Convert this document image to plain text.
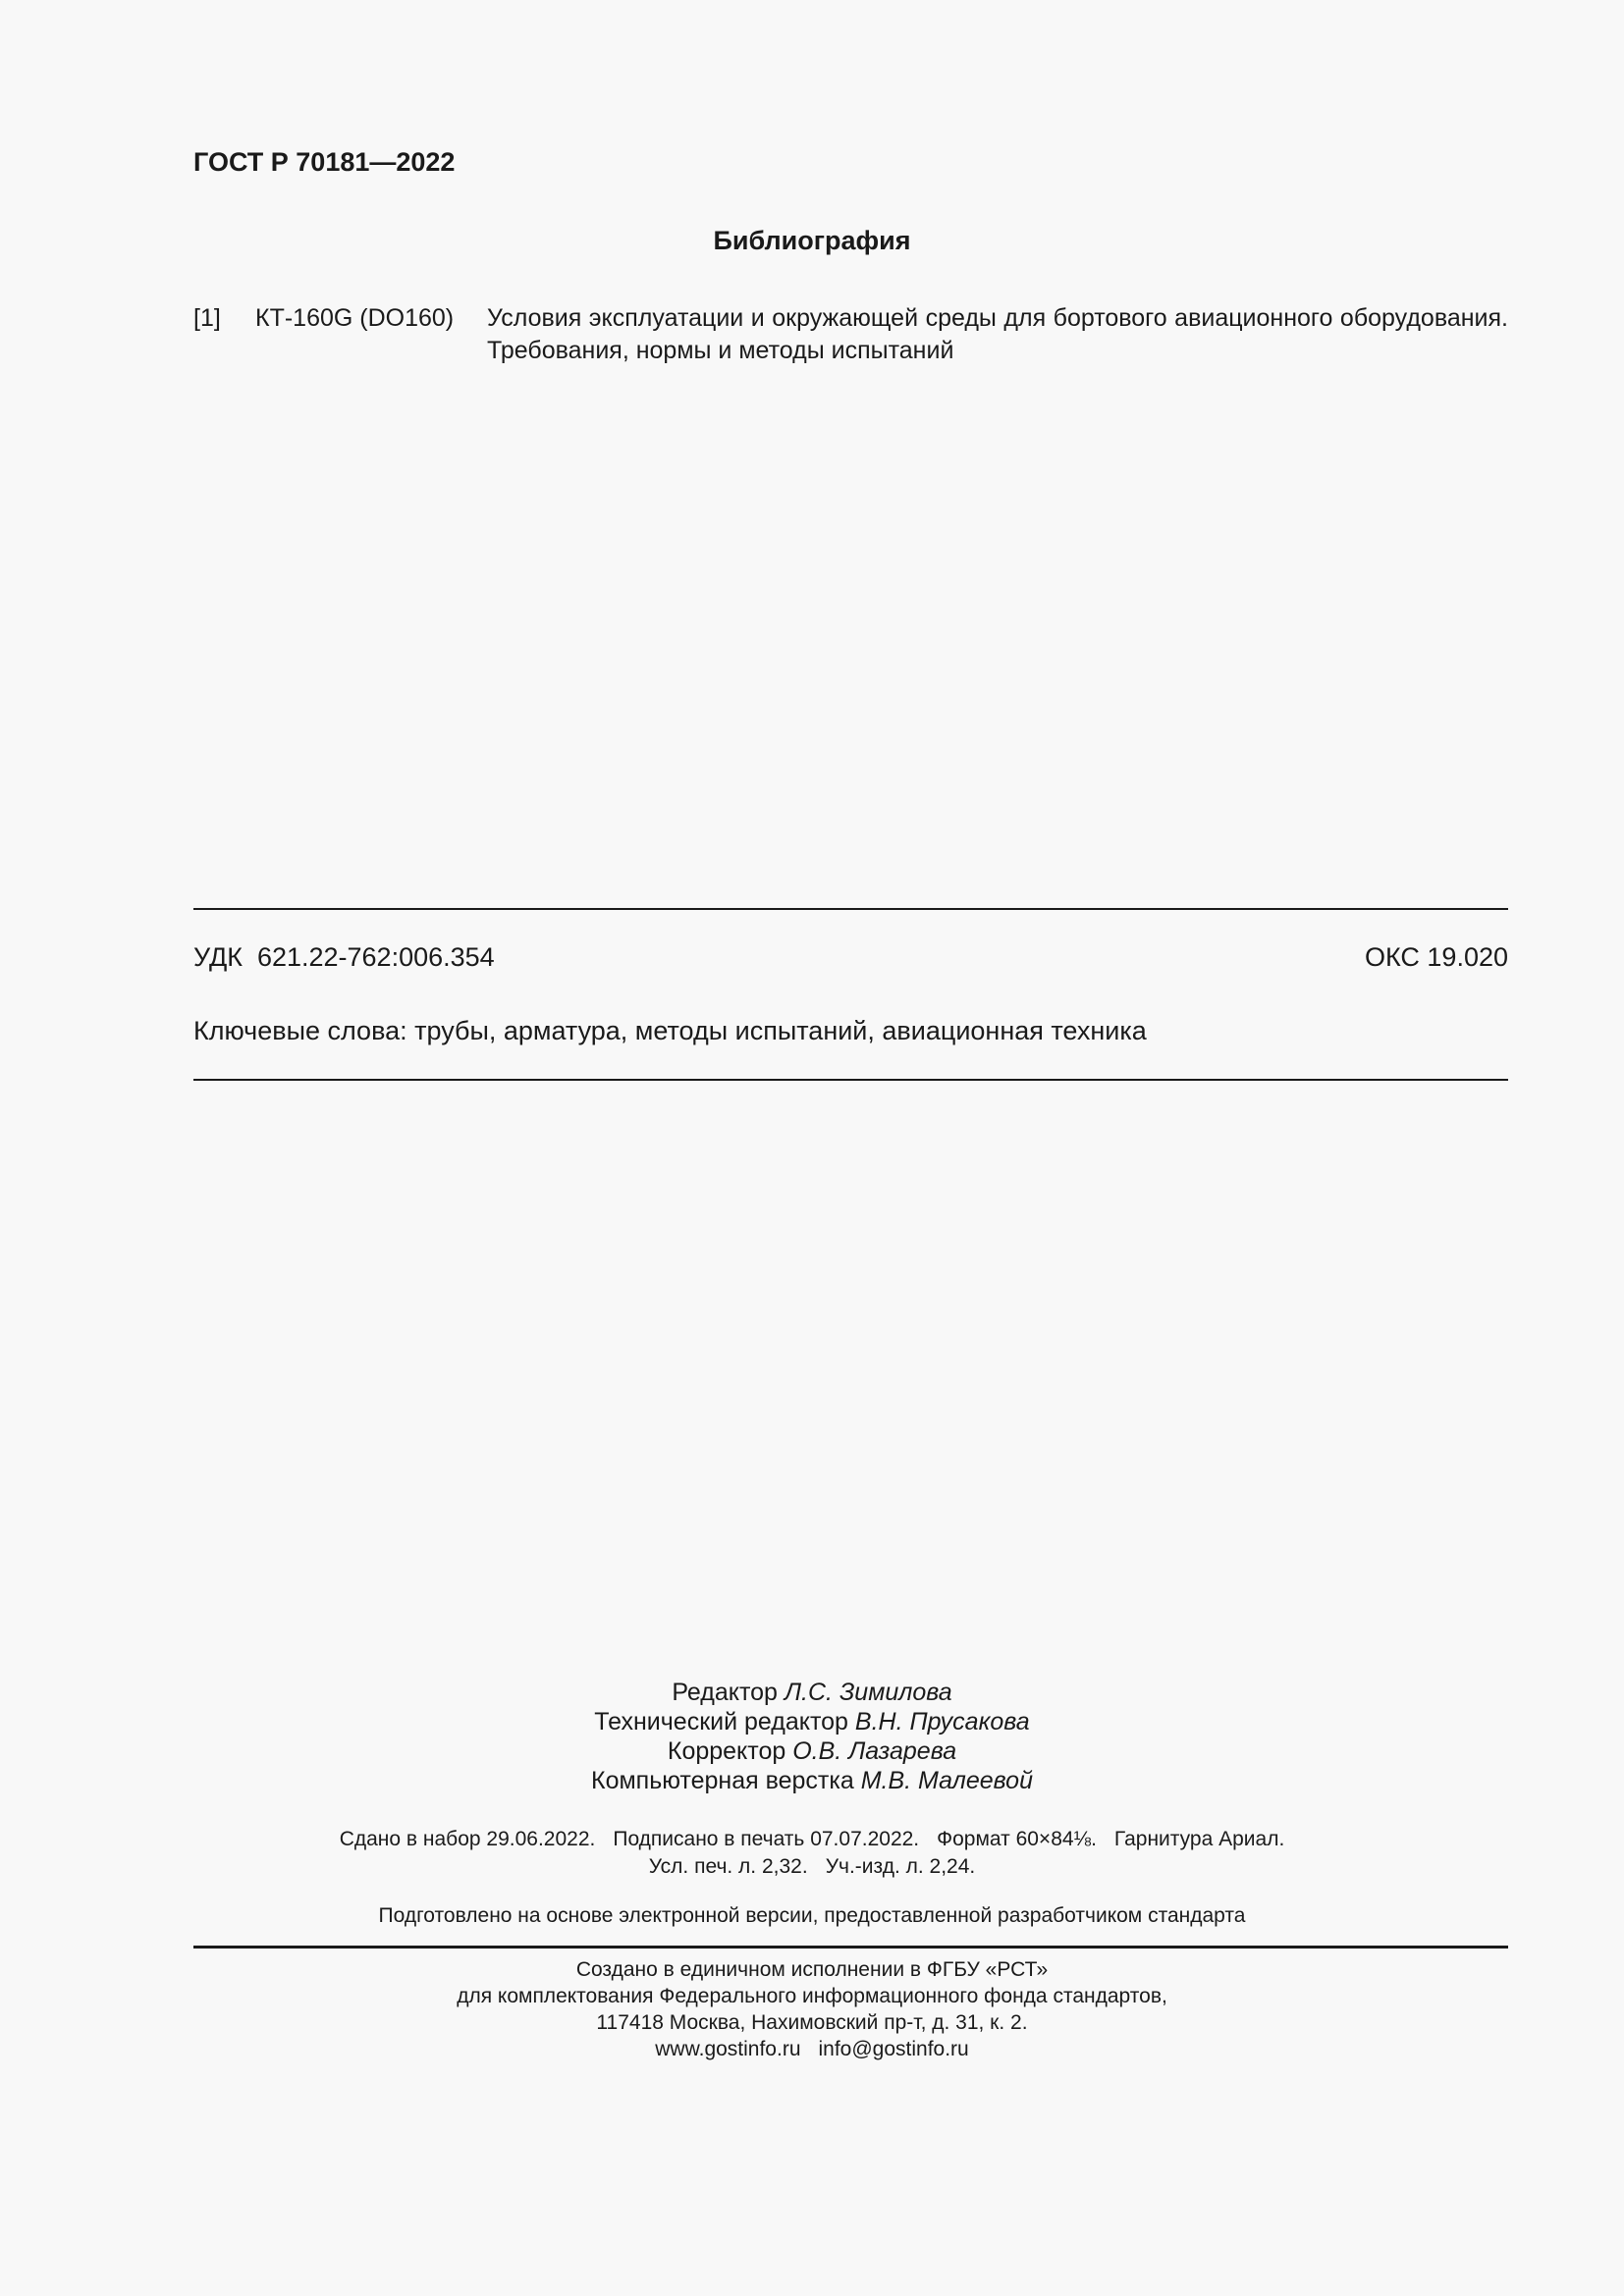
ГОСТ Р 70181—2022
Библиография
[1] КТ-160G (DO160) Условия эксплуатации и окружающей среды для бортового авиационного оборудования. Требования, нормы и методы испытаний
УДК  621.22-762:006.354	ОКС 19.020
Ключевые слова: трубы, арматура, методы испытаний, авиационная техника
Редактор Л.С. Зимилова
Технический редактор В.Н. Прусакова
Корректор О.В. Лазарева
Компьютерная верстка М.В. Малеевой
Сдано в набор 29.06.2022. Подписано в печать 07.07.2022. Формат 60×84⅛. Гарнитура Ариал.
Усл. печ. л. 2,32. Уч.-изд. л. 2,24.
Подготовлено на основе электронной версии, предоставленной разработчиком стандарта
Создано в единичном исполнении в ФГБУ «РСТ»
для комплектования Федерального информационного фонда стандартов,
117418 Москва, Нахимовский пр-т, д. 31, к. 2.
www.gostinfo.ru info@gostinfo.ru
